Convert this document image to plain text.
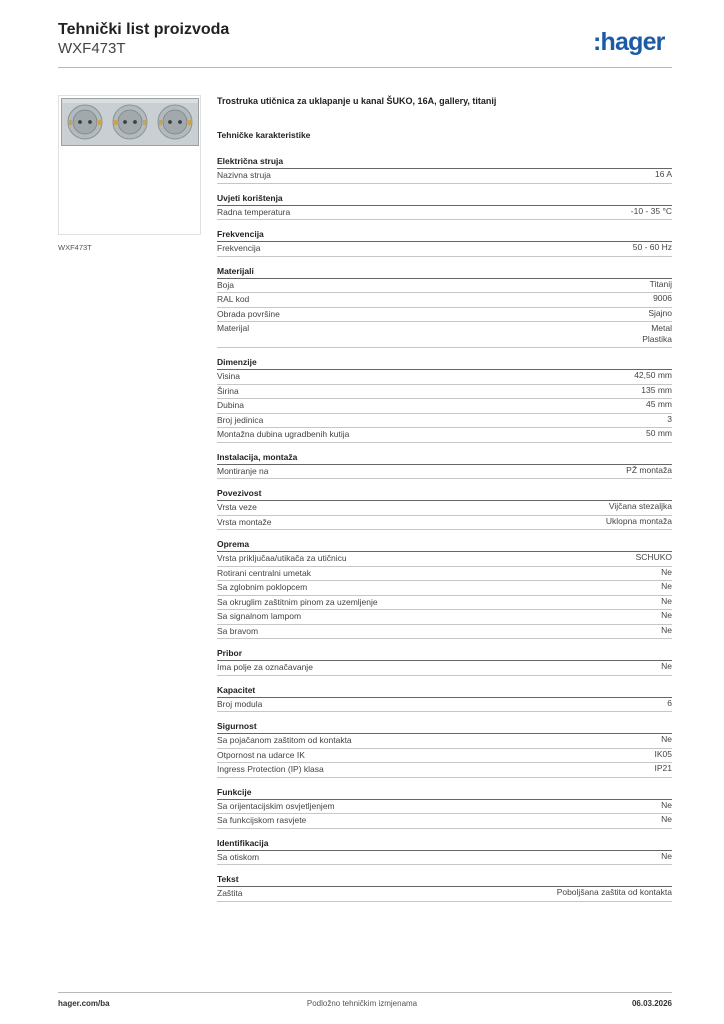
Tehnički list proizvoda
WXF473T	:hager
WXF473T
Trostruka utičnica za uklapanje u kanal ŠUKO, 16A, gallery, titanij
Tehničke karakteristike
Električna struja
Nazivna struja	16 A
Uvjeti korištenja
Radna temperatura	-10 - 35 °C
Frekvencija
Frekvencija	50 - 60 Hz
Materijali
Boja	Titanij
RAL kod	9006
Obrada površine	Sjajno
Materijal	Metal
Plastika
Dimenzije
Visina	42,50 mm
Širina	135 mm
Dubina	45 mm
Broj jedinica	3
Montažna dubina ugradbenih kutija	50 mm
Instalacija, montaža
Montiranje na	PŽ montaža
Povezivost
Vrsta veze	Vijčana stezaljka
Vrsta montaže	Uklopna montaža
Oprema
Vrsta priključaa/utikača za utičnicu	SCHUKO
Rotirani centralni umetak	Ne
Sa zglobnim poklopcem	Ne
Sa okruglim zaštitnim pinom za uzemljenje	Ne
Sa signalnom lampom	Ne
Sa bravom	Ne
Pribor
Ima polje za označavanje	Ne
Kapacitet
Broj modula	6
Sigurnost
Sa pojačanom zaštitom od kontakta	Ne
Otpornost na udarce IK	IK05
Ingress Protection (IP) klasa	IP21
Funkcije
Sa orijentacijskim osvjetljenjem	Ne
Sa funkcijskom rasvjete	Ne
Identifikacija
Sa otiskom	Ne
Tekst
Zaštita	Poboljšana zaštita od kontakta
hager.com/ba	Podložno tehničkim izmjenama	06.03.2026
